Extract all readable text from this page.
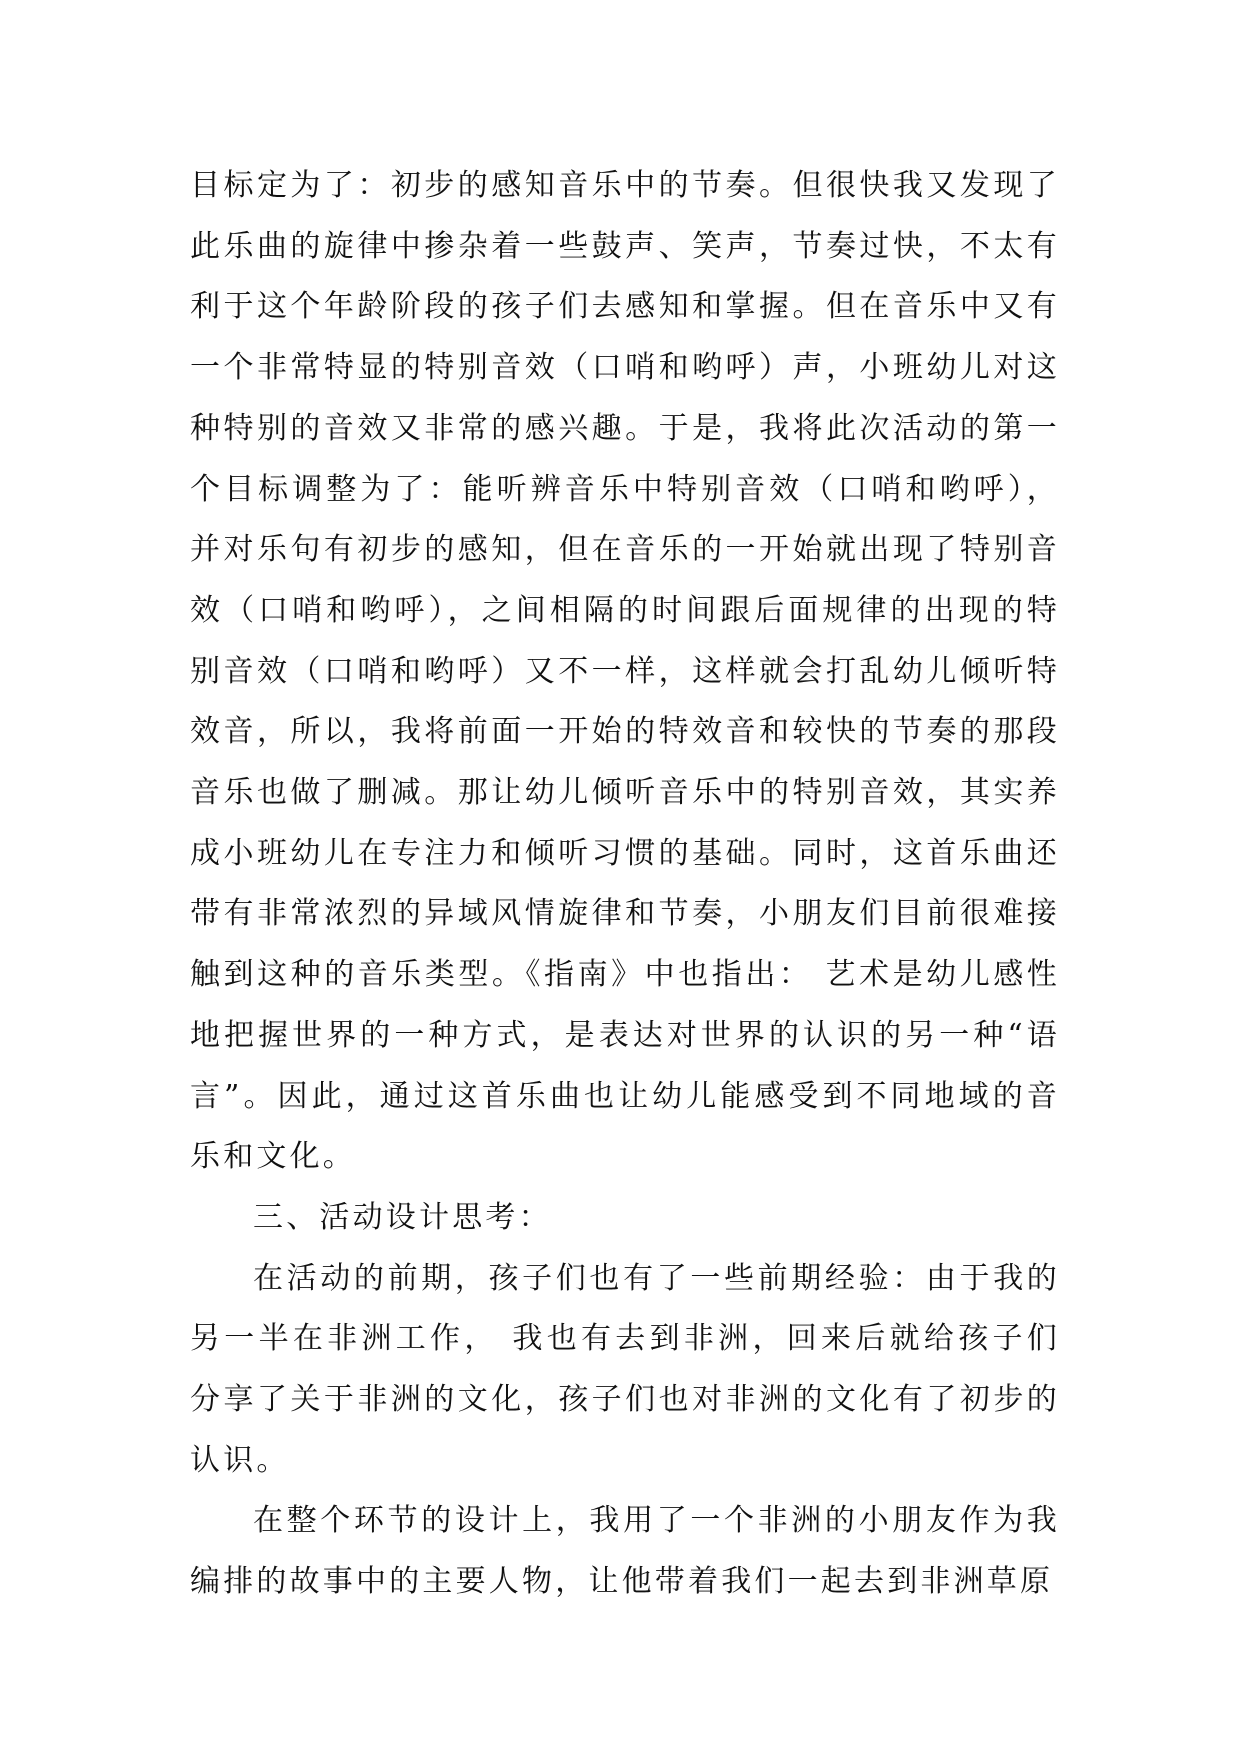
目标定为了：初步的感知音乐中的节奏。但很快我又发现了此乐曲的旋律中掺杂着一些鼓声、笑声，节奏过快，不太有利于这个年龄阶段的孩子们去感知和掌握。但在音乐中又有一个非常特显的特别音效（口哨和哟呼）声，小班幼儿对这种特别的音效又非常的感兴趣。于是，我将此次活动的第一个目标调整为了：能听辨音乐中特别音效（口哨和哟呼），并对乐句有初步的感知，但在音乐的一开始就出现了特别音效（口哨和哟呼），之间相隔的时间跟后面规律的出现的特别音效（口哨和哟呼）又不一样，这样就会打乱幼儿倾听特效音，所以，我将前面一开始的特效音和较快的节奏的那段音乐也做了删减。那让幼儿倾听音乐中的特别音效，其实养成小班幼儿在专注力和倾听习惯的基础。同时，这首乐曲还带有非常浓烈的异域风情旋律和节奏，小朋友们目前很难接触到这种的音乐类型。《指南》中也指出： 艺术是幼儿感性地把握世界的一种方式，是表达对世界的认识的另一种“语言”。因此，通过这首乐曲也让幼儿能感受到不同地域的音乐和文化。

三、活动设计思考：

在活动的前期，孩子们也有了一些前期经验：由于我的另一半在非洲工作， 我也有去到非洲，回来后就给孩子们分享了关于非洲的文化，孩子们也对非洲的文化有了初步的认识。

在整个环节的设计上，我用了一个非洲的小朋友作为我编排的故事中的主要人物，让他带着我们一起去到非洲草原
